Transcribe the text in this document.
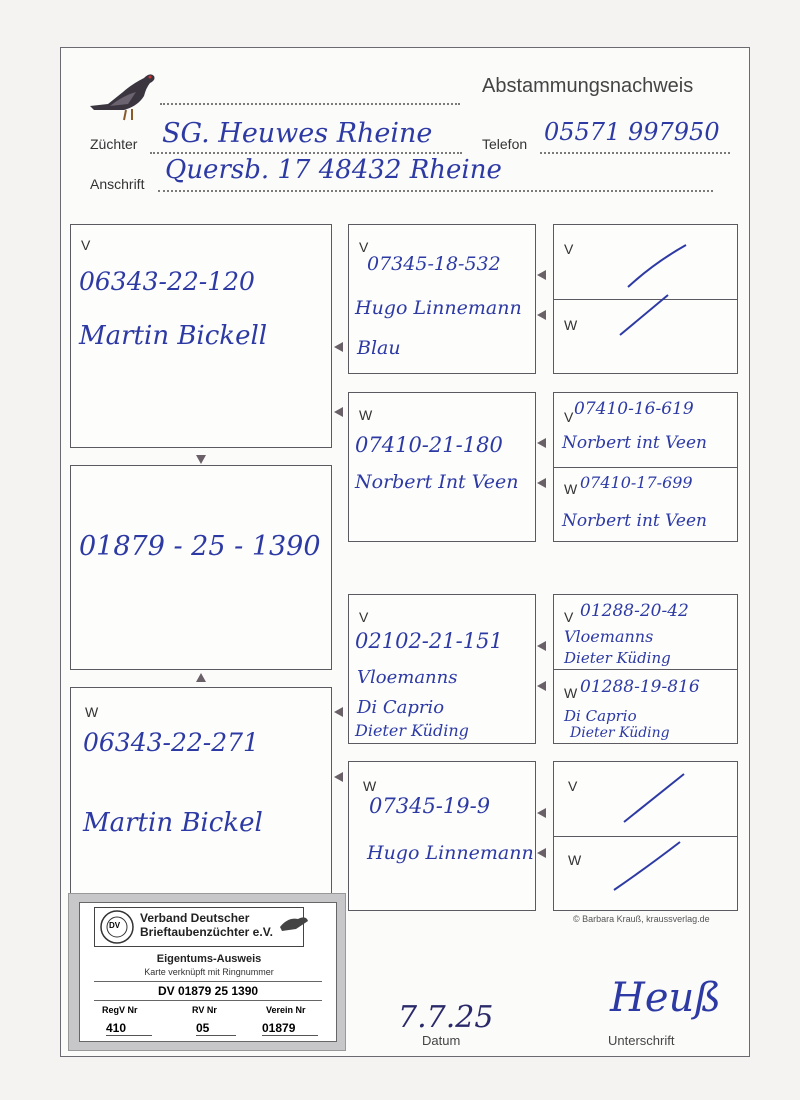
Abstammungsnachweis
Züchter SG. Heuwes Rheine	Telefon 05571 997950
Anschrift Quersb. 17 48432 Rheine
V
06343-22-120
Martin Bickell
01879 - 25 - 1390
W
06343-22-271
Martin Bickel
V
07345-18-532
Hugo Linnemann
Blau
W
07410-21-180
Norbert Int Veen
V
02102-21-151
Vloemanns
Di Caprio
Dieter Küding
W
07345-19-9
Hugo Linnemann
V
W
V 07410-16-619
Norbert int Veen
W 07410-17-699
Norbert int Veen
V 01288-20-42
Vloemanns
Dieter Küding
W 01288-19-816
Di Caprio
Dieter Küding
V
W
© Barbara Krauß, kraussverlag.de
DV
Verband Deutscher
Brieftaubenzüchter e.V.
Eigentums-Ausweis
Karte verknüpft mit Ringnummer
DV 01879 25 1390
RegV Nr	RV Nr	Verein Nr
410	05	01879	7.7.25
Datum
Heuß
Unterschrift
